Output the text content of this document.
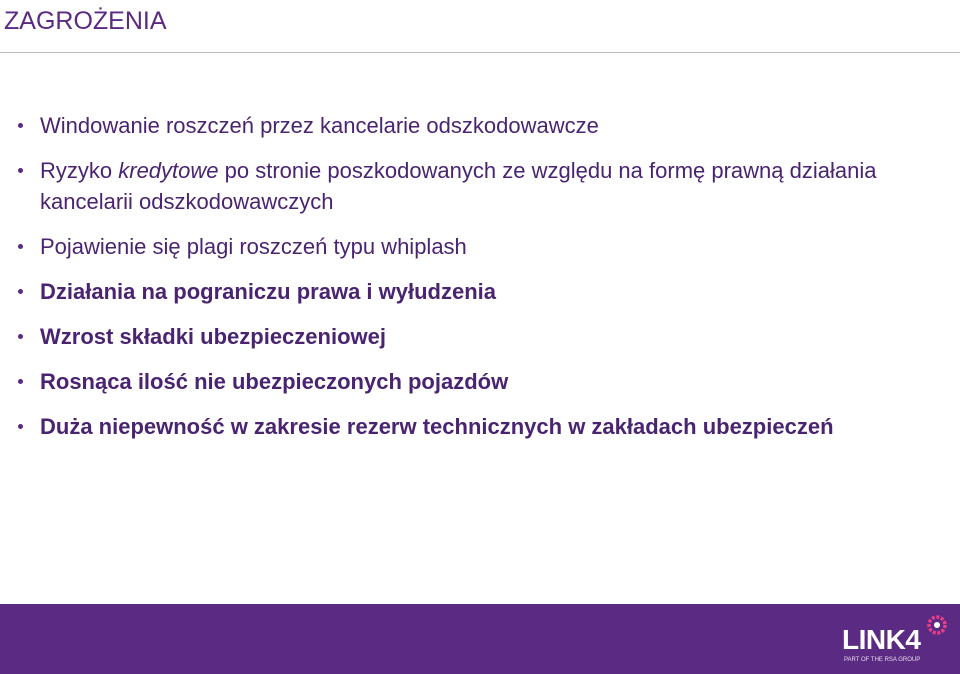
ZAGROŻENIA
Windowanie roszczeń przez kancelarie odszkodowawcze
Ryzyko kredytowe po stronie poszkodowanych ze względu na formę prawną działania kancelarii odszkodowawczych
Pojawienie się plagi roszczeń typu whiplash
Działania na pograniczu prawa i wyłudzenia
Wzrost składki ubezpieczeniowej
Rosnąca ilość nie ubezpieczonych pojazdów
Duża niepewność w zakresie rezerw technicznych w zakładach ubezpieczeń
LINK4
PART OF THE RSA GROUP
